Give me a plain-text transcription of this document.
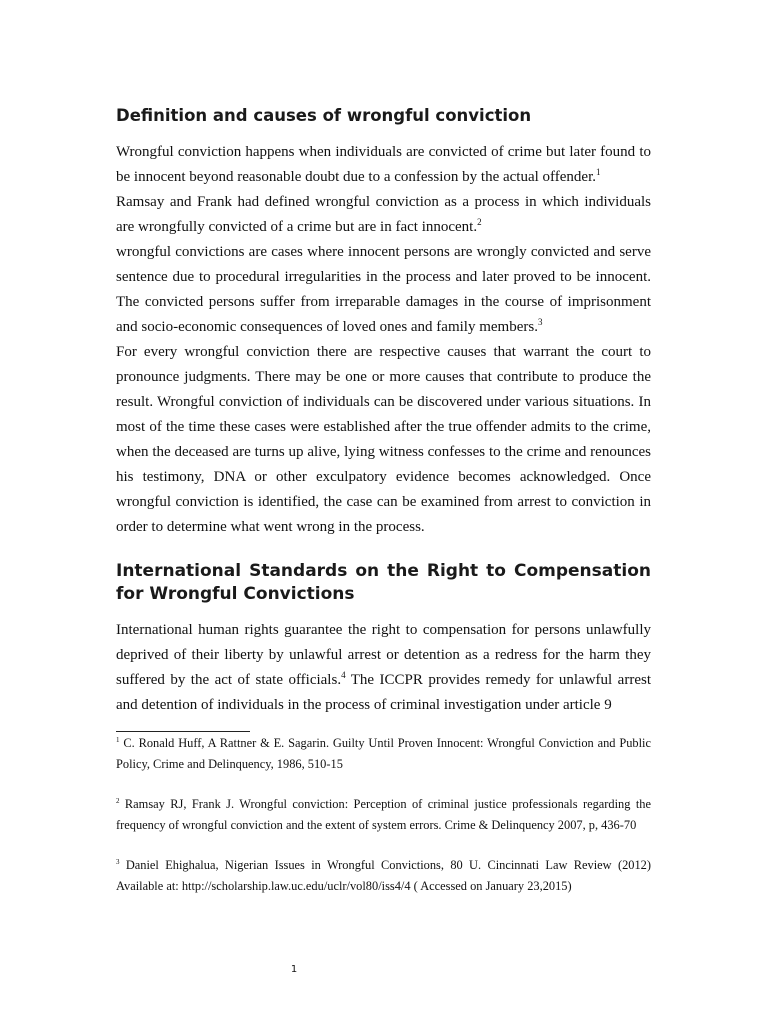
Definition and causes of wrongful conviction

Wrongful conviction happens when individuals are convicted of crime but later found to be innocent beyond reasonable doubt due to a confession by the actual offender.$^1$

Ramsay and Frank had defined wrongful conviction as a process in which individuals are wrongfully convicted of a crime but are in fact innocent.$^2$

wrongful convictions are cases where innocent persons are wrongly convicted and serve sentence due to procedural irregularities in the process and later proved to be innocent. The convicted persons suffer from irreparable damages in the course of imprisonment and socio-economic consequences of loved ones and family members.$^3$

For every wrongful conviction there are respective causes that warrant the court to pronounce judgments. There may be one or more causes that contribute to produce the result. Wrongful conviction of individuals can be discovered under various situations. In most of the time these cases were established after the true offender admits to the crime, when the deceased are turns up alive, lying witness confesses to the crime and renounces his testimony, DNA or other exculpatory evidence becomes acknowledged. Once wrongful conviction is identified, the case can be examined from arrest to conviction in order to determine what went wrong in the process.

International Standards on the Right to Compensation for Wrongful Convictions

International human rights guarantee the right to compensation for persons unlawfully deprived of their liberty by unlawful arrest or detention as a redress for the harm they suffered by the act of state officials.$^4$ The ICCPR provides remedy for unlawful arrest and detention of individuals in the process of criminal investigation under article 9

$^1$ C. Ronald Huff, A Rattner & E. Sagarin. Guilty Until Proven Innocent: Wrongful Conviction and Public Policy, Crime and Delinquency, 1986, 510-15

$^2$ Ramsay RJ, Frank J. Wrongful conviction: Perception of criminal justice professionals regarding the frequency of wrongful conviction and the extent of system errors. Crime & Delinquency 2007, p, 436-70

$^3$ Daniel Ehighalua, Nigerian Issues in Wrongful Convictions, 80 U. Cincinnati Law Review (2012) Available at: http://scholarship.law.uc.edu/uclr/vol80/iss4/4 ( Accessed on January 23,2015)

1
